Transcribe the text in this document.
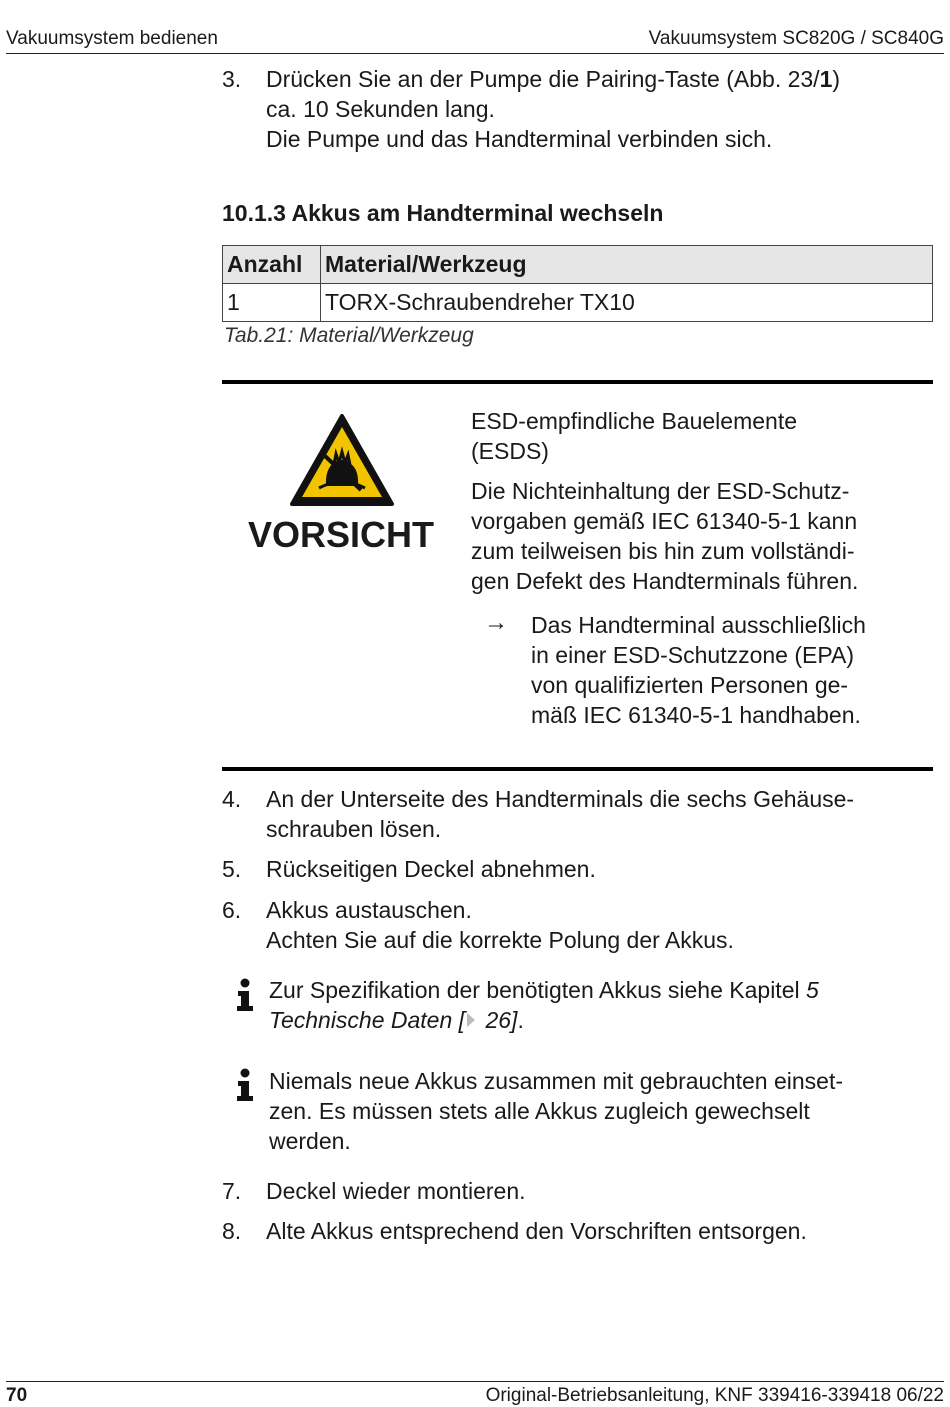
Vakuumsystem bedienen	Vakuumsystem SC820G / SC840G
3. Drücken Sie an der Pumpe die Pairing-Taste (Abb. 23/1)
ca. 10 Sekunden lang.
Die Pumpe und das Handterminal verbinden sich.
10.1.3 Akkus am Handterminal wechseln
Anzahl	Material/Werkzeug
1	TORX-Schraubendreher TX10
Tab.21: Material/Werkzeug
VORSICHT
ESD-empfindliche Bauelemente
(ESDS)
Die Nichteinhaltung der ESD-Schutz-
vorgaben gemäß IEC 61340-5-1 kann
zum teilweisen bis hin zum vollständi-
gen Defekt des Handterminals führen.
→ Das Handterminal ausschließlich
in einer ESD-Schutzzone (EPA)
von qualifizierten Personen ge-
mäß IEC 61340-5-1 handhaben.
4. An der Unterseite des Handterminals die sechs Gehäuse-
schrauben lösen.
5. Rückseitigen Deckel abnehmen.
6. Akkus austauschen.
Achten Sie auf die korrekte Polung der Akkus.
Zur Spezifikation der benötigten Akkus siehe Kapitel 5
Technische Daten [ 26].
Niemals neue Akkus zusammen mit gebrauchten einset-
zen. Es müssen stets alle Akkus zugleich gewechselt
werden.
7. Deckel wieder montieren.
8. Alte Akkus entsprechend den Vorschriften entsorgen.
70	Original-Betriebsanleitung, KNF 339416-339418 06/22
